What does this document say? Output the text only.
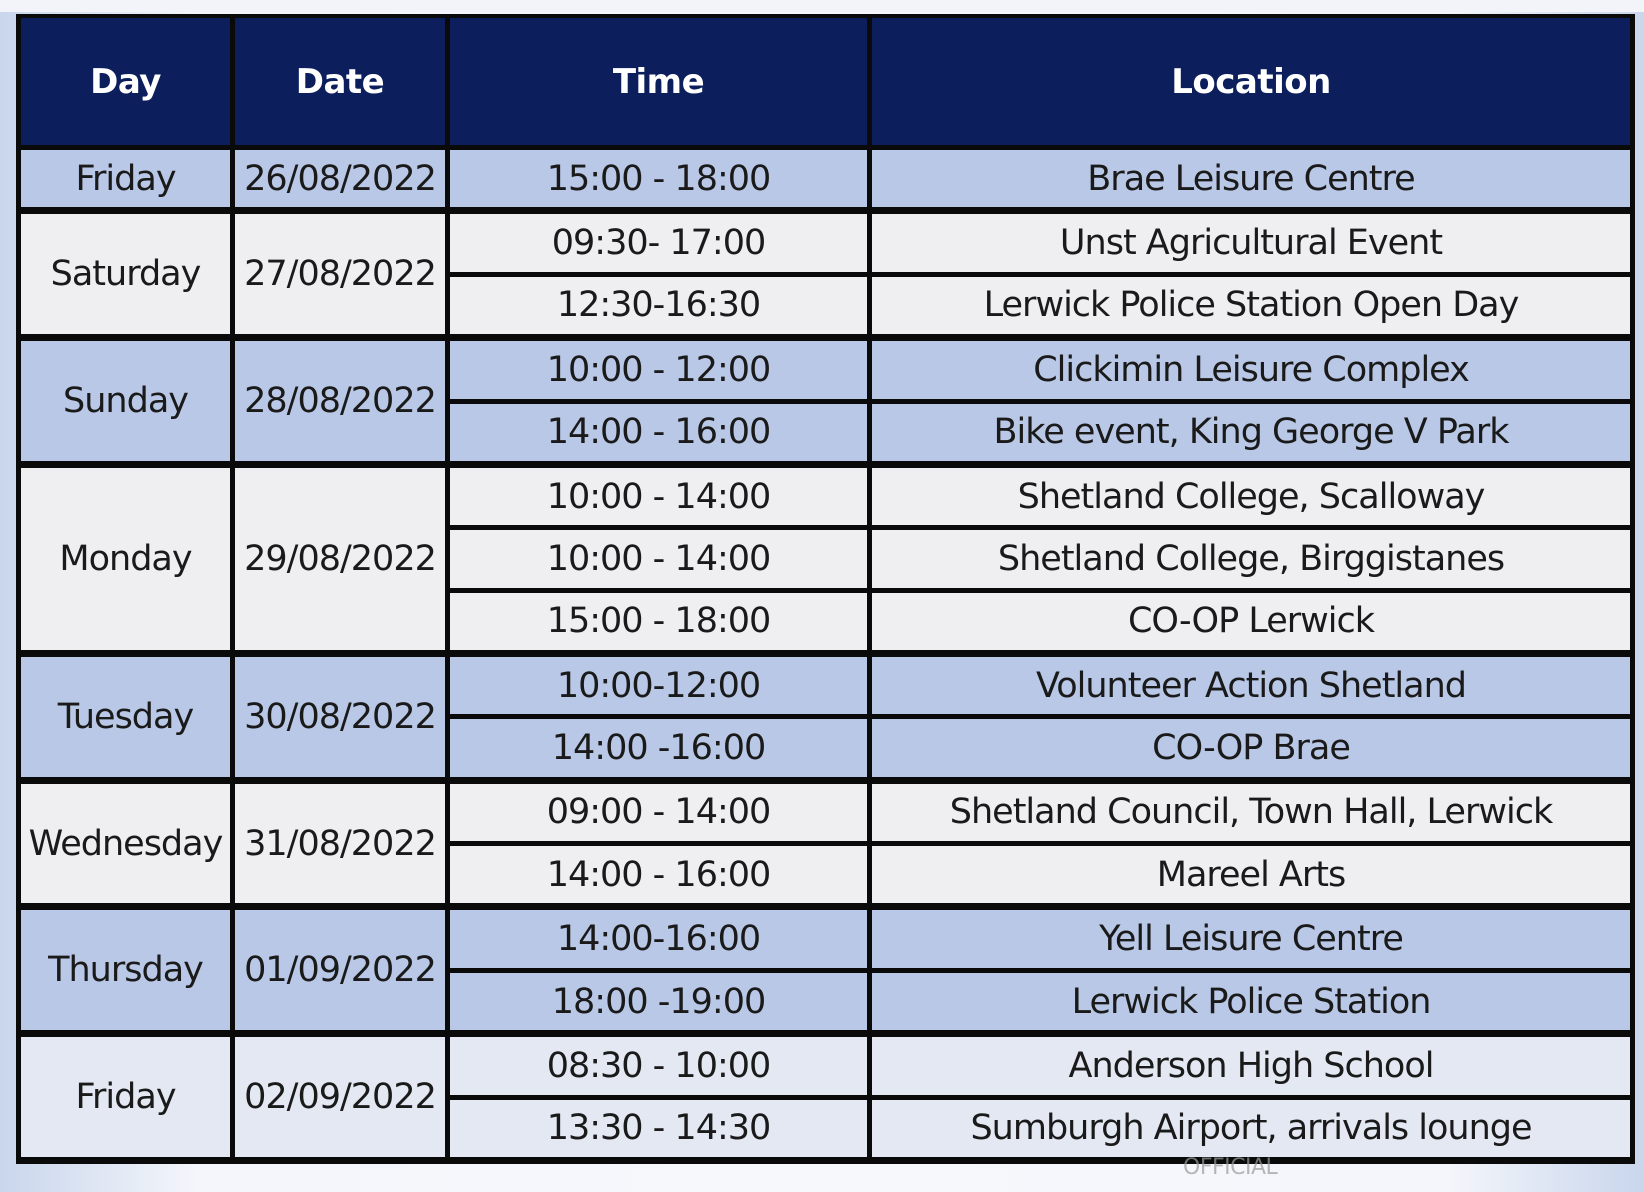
Day	Date	Time	Location
Friday	26/08/2022	15:00 - 18:00	Brae Leisure Centre
Saturday	27/08/2022	09:30- 17:00	Unst Agricultural Event
		12:30-16:30	Lerwick Police Station Open Day
Sunday	28/08/2022	10:00 - 12:00	Clickimin Leisure Complex
		14:00 - 16:00	Bike event, King George V Park
Monday	29/08/2022	10:00 - 14:00	Shetland College, Scalloway
		10:00 - 14:00	Shetland College, Birggistanes
		15:00 - 18:00	CO-OP Lerwick
Tuesday	30/08/2022	10:00-12:00	Volunteer Action Shetland
		14:00 -16:00	CO-OP Brae
Wednesday	31/08/2022	09:00 - 14:00	Shetland Council, Town Hall, Lerwick
		14:00 - 16:00	Mareel Arts
Thursday	01/09/2022	14:00-16:00	Yell Leisure Centre
		18:00 -19:00	Lerwick Police Station
Friday	02/09/2022	08:30 - 10:00	Anderson High School
		13:30 - 14:30	Sumburgh Airport, arrivals lounge
OFFICIAL
